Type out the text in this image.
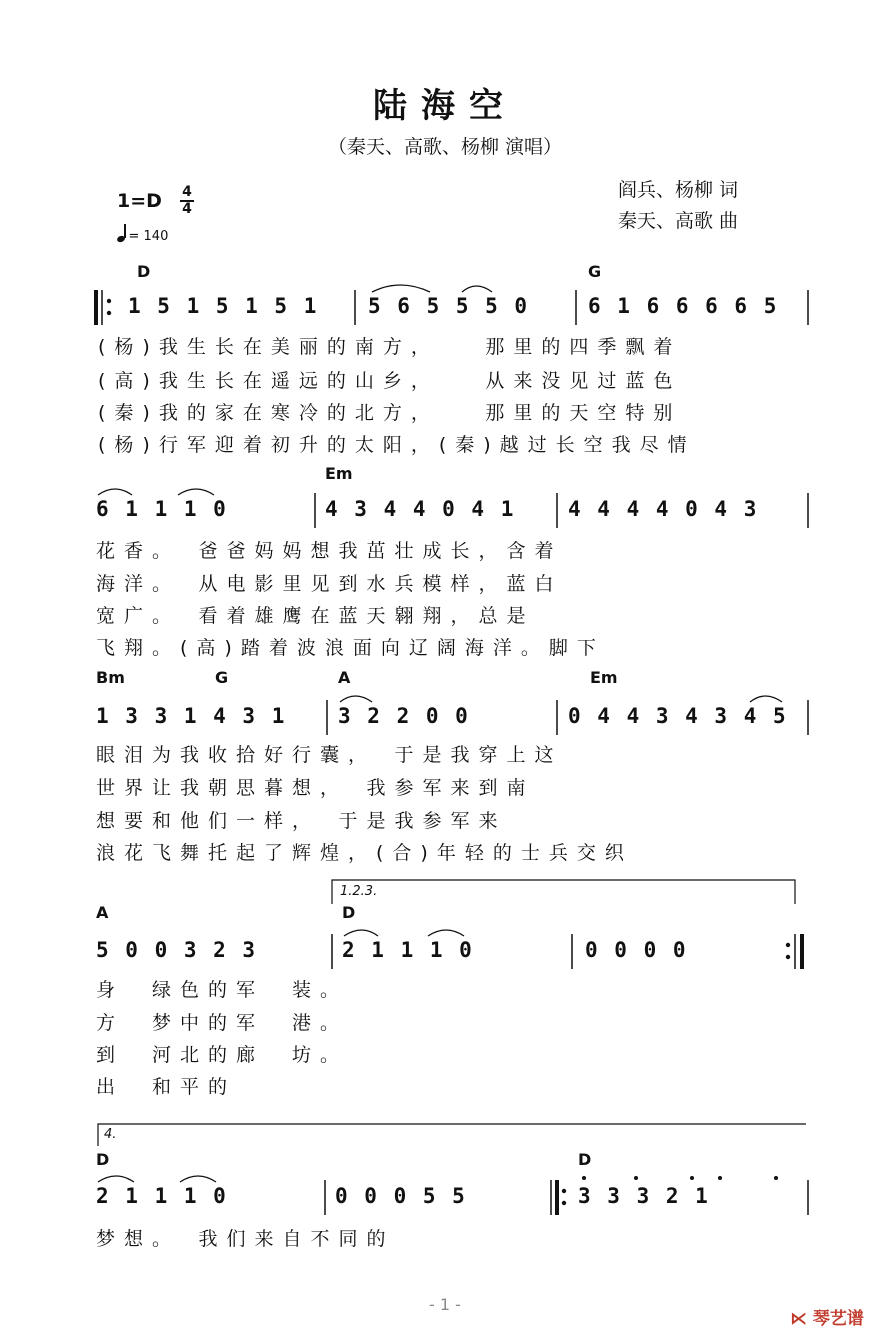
陆海空
（秦天、高歌、杨柳 演唱）
阎兵、杨柳 词
秦天、高歌 曲
1=D 4
4
= 140
D	G
1 5 1 5 1 5 1 5 6 5 5 5 0	6 1 6 6 6 6 5
(杨)我生长在美丽的南方，　　那里的四季飘着
(高)我生长在遥远的山乡，　　从来没见过蓝色
(秦)我的家在寒冷的北方，　　那里的天空特别
(杨)行军迎着初升的太阳，(秦)越过长空我尽情
Em
6 1 1 1 0	4 3 4 4 0 4 1	4 4 4 4 0 4 3
花香。　爸爸妈妈想我茁壮成长，含着
海洋。　从电影里见到水兵模样，蓝白
宽广。　看着雄鹰在蓝天翱翔，总是
飞翔。(高)踏着波浪面向辽阔海洋。脚下
Bm	G	A	Em
1 3 3 1 4 3 1 3 2 2 0 0	0 4 4 3 4 3 4 5
眼泪为我收拾好行囊，　于是我穿上这
世界让我朝思暮想，　我参军来到南
想要和他们一样，　于是我参军来
浪花飞舞托起了辉煌，(合)年轻的士兵交织
1.2.3.
A	D
5 0 0 3 2 3	2 1 1 1 0	0 0 0 0
身　绿色的军　装。
方　梦中的军　港。
到　河北的廊　坊。
出　和平的
4.
D	D
2 1 1 1 0	0 0 0 5 5	3 3 3 2 1
梦想。　我们来自不同的
- 1 -
⋉ 琴艺谱
